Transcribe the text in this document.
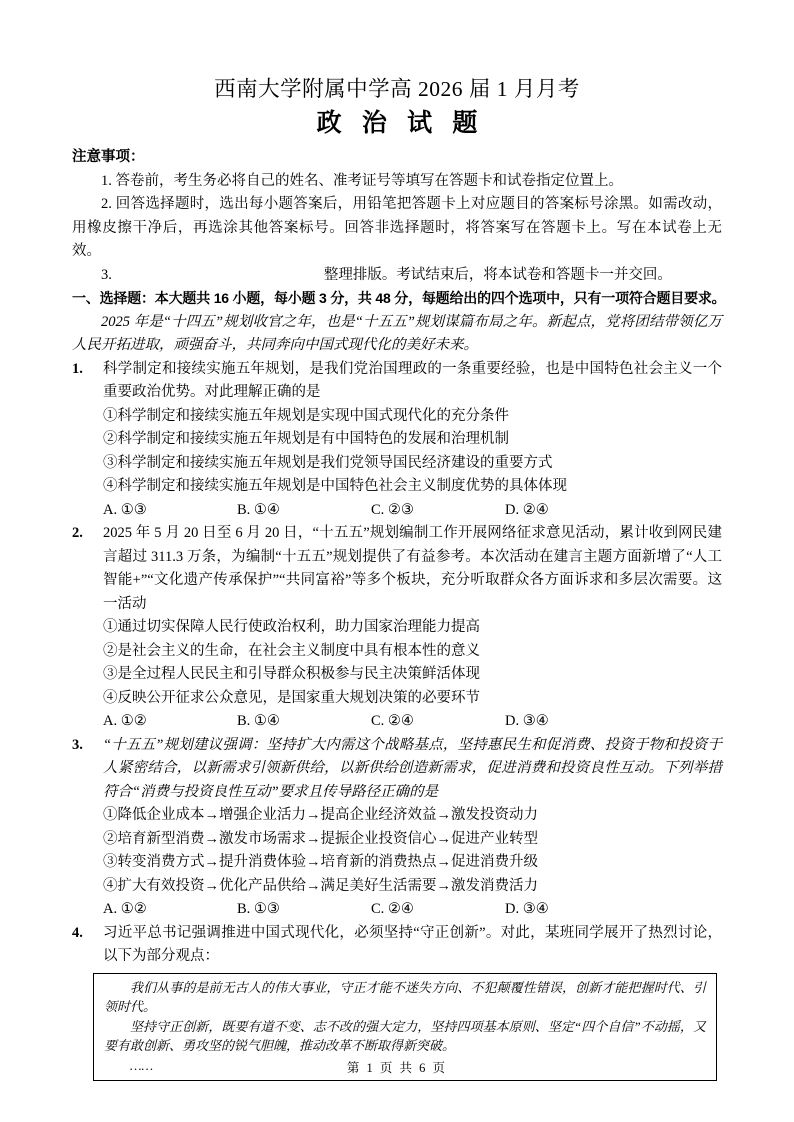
西南大学附属中学高 2026 届 1 月月考
政 治 试 题
注意事项：

1. 答卷前，考生务必将自己的姓名、准考证号等填写在答题卡和试卷指定位置上。

2. 回答选择题时，选出每小题答案后，用铅笔把答题卡上对应题目的答案标号涂黑。如需改动，用橡皮擦干净后，再选涂其他答案标号。回答非选择题时，将答案写在答题卡上。写在本试卷上无效。

3.	整理排版。考试结束后，将本试卷和答题卡一并交回。

一、选择题：本大题共 16 小题，每小题 3 分，共 48 分，每题给出的四个选项中，只有一项符合题目要求。

2025 年是“十四五”规划收官之年，也是“十五五”规划谋篇布局之年。新起点，党将团结带领亿万人民开拓进取，顽强奋斗，共同奔向中国式现代化的美好未来。

1.	科学制定和接续实施五年规划，是我们党治国理政的一条重要经验，也是中国特色社会主义一个重要政治优势。对此理解正确的是

①科学制定和接续实施五年规划是实现中国式现代化的充分条件
②科学制定和接续实施五年规划是有中国特色的发展和治理机制
③科学制定和接续实施五年规划是我们党领导国民经济建设的重要方式
④科学制定和接续实施五年规划是中国特色社会主义制度优势的具体体现
A. ①③	B. ①④	C. ②③	D. ②④
2.	2025 年 5 月 20 日至 6 月 20 日，“十五五”规划编制工作开展网络征求意见活动，累计收到网民建言超过 311.3 万条，为编制“十五五”规划提供了有益参考。本次活动在建言主题方面新增了“人工智能+”“文化遗产传承保护”“共同富裕”等多个板块，充分听取群众各方面诉求和多层次需要。这一活动

①通过切实保障人民行使政治权利，助力国家治理能力提高
②是社会主义的生命，在社会主义制度中具有根本性的意义
③是全过程人民民主和引导群众积极参与民主决策鲜活体现
④反映公开征求公众意见，是国家重大规划决策的必要环节
A. ①②	B. ①④	C. ②④	D. ③④
3.	“十五五”规划建议强调：坚持扩大内需这个战略基点，坚持惠民生和促消费、投资于物和投资于人紧密结合，以新需求引领新供给，以新供给创造新需求，促进消费和投资良性互动。下列举措符合“消费与投资良性互动”要求且传导路径正确的是

①降低企业成本→增强企业活力→提高企业经济效益→激发投资动力
②培育新型消费→激发市场需求→提振企业投资信心→促进产业转型
③转变消费方式→提升消费体验→培育新的消费热点→促进消费升级
④扩大有效投资→优化产品供给→满足美好生活需要→激发消费活力
A. ①②	B. ①③	C. ②④	D. ③④
4.	习近平总书记强调推进中国式现代化，必须坚持“守正创新”。对此，某班同学展开了热烈讨论，以下为部分观点：

我们从事的是前无古人的伟大事业，守正才能不迷失方向、不犯颠覆性错误，创新才能把握时代、引领时代。

坚持守正创新，既要有道不变、志不改的强大定力，坚持四项基本原则、坚定“四个自信”不动摇，又要有敢创新、勇攻坚的锐气胆魄，推动改革不断取得新突破。

……	第 1 页 共 6 页
